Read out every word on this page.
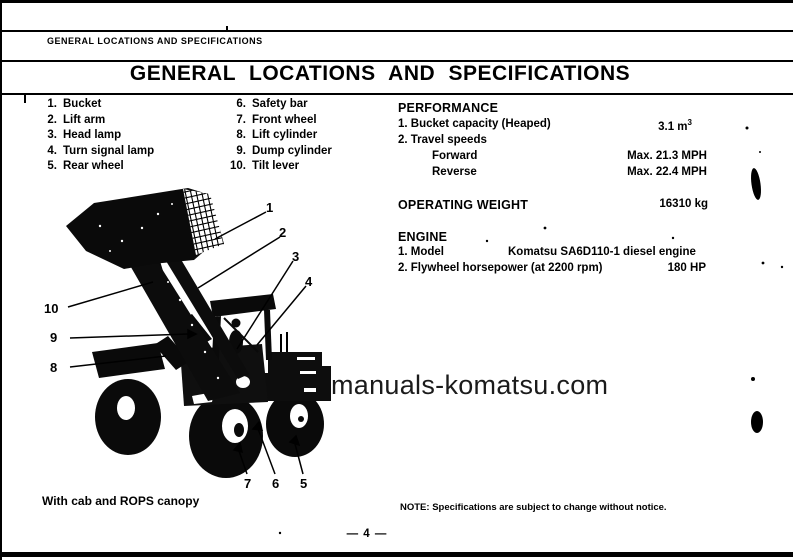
GENERAL LOCATIONS AND SPECIFICATIONS
GENERAL LOCATIONS AND SPECIFICATIONS
1. Bucket
2. Lift arm
3. Head lamp
4. Turn signal lamp
5. Rear wheel
6. Safety bar
7. Front wheel
8. Lift cylinder
9. Dump cylinder
10. Tilt lever
PERFORMANCE
1. Bucket capacity (Heaped)	3.1 $m^3$
2. Travel speeds
Forward	Max. 21.3 MPH
Reverse	Max. 22.4 MPH
OPERATING WEIGHT	16310 kg
ENGINE
1. Model	Komatsu SA6D110-1 diesel engine
2. Flywheel horsepower (at 2200 rpm)	180 HP
1
2
3
4
5
6
7
8
9
10
manuals-komatsu.com
With cab and ROPS canopy	NOTE: Specifications are subject to change without notice.
— 4 —
